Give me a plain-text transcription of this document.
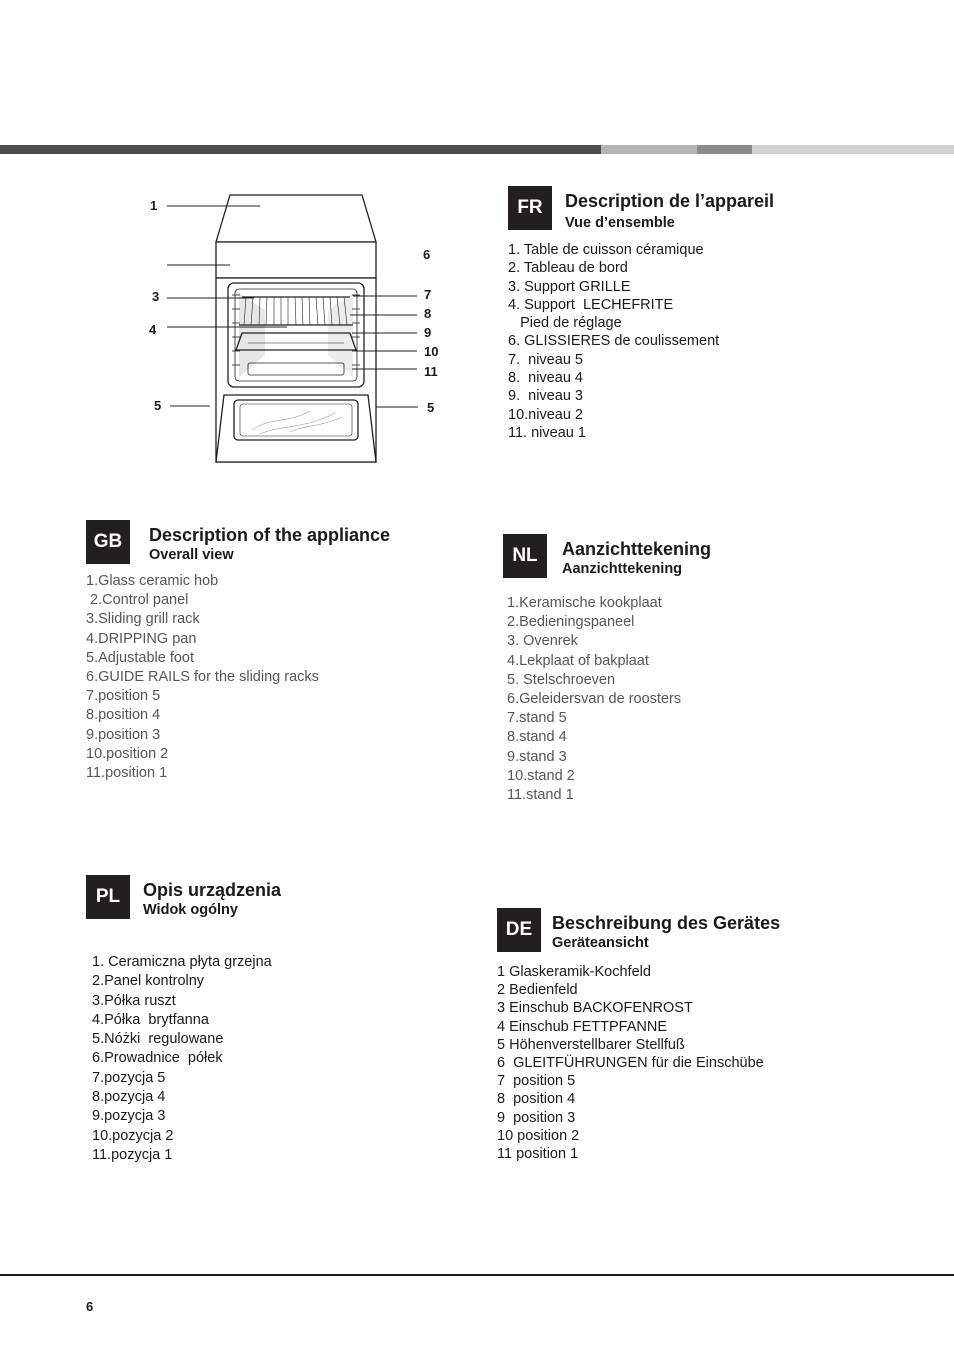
1
3
4
5
6
7
8
9
10
11
5
FR	Description de l’appareil
Vue d’ensemble
1. Table de cuisson céramique
2. Tableau de bord
3. Support GRILLE
4. Support  LECHEFRITE
Pied de réglage
6. GLISSIERES de coulissement
7.  niveau 5
8.  niveau 4
9.  niveau 3
10.niveau 2
11. niveau 1
GB	Description of the appliance
Overall view
1.Glass ceramic hob
2.Control panel
3.Sliding grill rack
4.DRIPPING pan
5.Adjustable foot
6.GUIDE RAILS for the sliding racks
7.position 5
8.position 4
9.position 3
10.position 2
11.position 1
NL	Aanzichttekening
Aanzichttekening
1.Keramische kookplaat
2.Bedieningspaneel
3. Ovenrek
4.Lekplaat of bakplaat
5. Stelschroeven
6.Geleidersvan de roosters
7.stand 5
8.stand 4
9.stand 3
10.stand 2
11.stand 1
PL	Opis urządzenia
Widok ogólny
1. Ceramiczna płyta grzejna
2.Panel kontrolny
3.Półka ruszt
4.Półka  brytfanna
5.Nóżki  regulowane
6.Prowadnice  półek
7.pozycja 5
8.pozycja 4
9.pozycja 3
10.pozycja 2
11.pozycja 1
DE	Beschreibung des Gerätes
Geräteansicht
1 Glaskeramik-Kochfeld
2 Bedienfeld
3 Einschub BACKOFENROST
4 Einschub FETTPFANNE
5 Höhenverstellbarer Stellfuß
6  GLEITFÜHRUNGEN für die Einschübe
7  position 5
8  position 4
9  position 3
10 position 2
11 position 1
6
